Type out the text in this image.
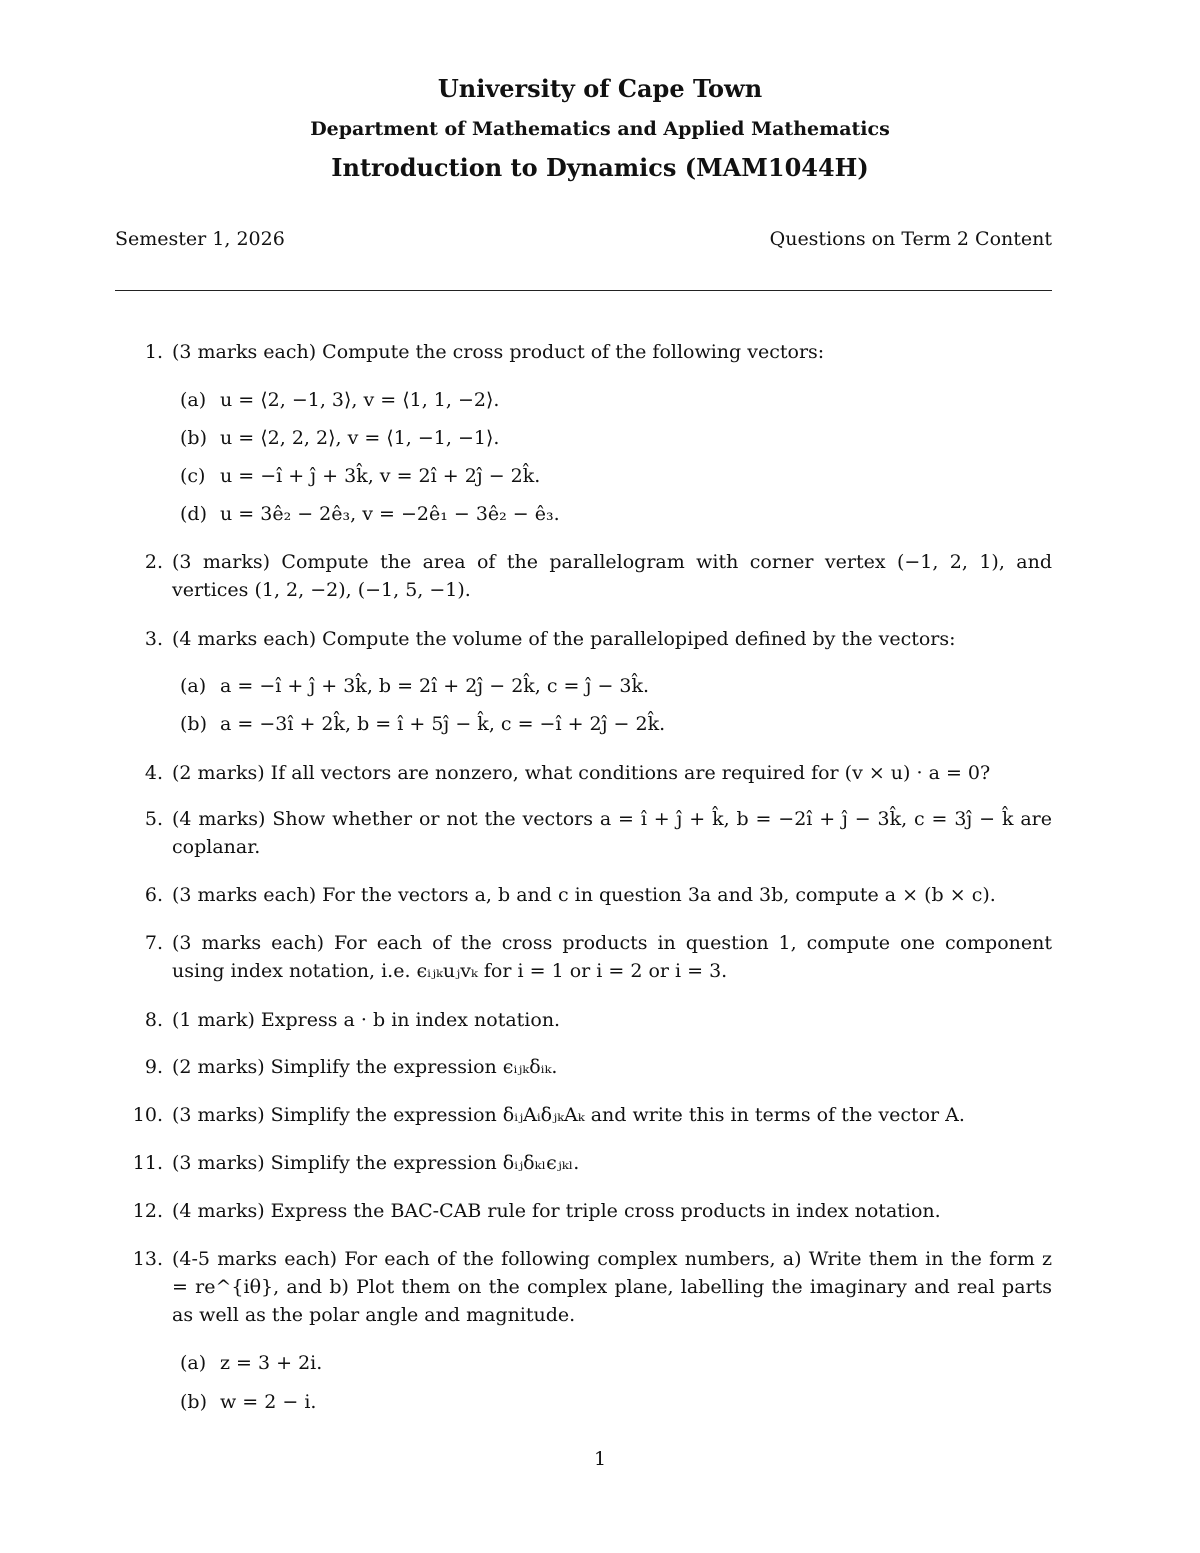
University of Cape Town
Department of Mathematics and Applied Mathematics
Introduction to Dynamics (MAM1044H)
Semester 1, 2026	Questions on Term 2 Content
1. (3 marks each) Compute the cross product of the following vectors:
(a) u = ⟨2, −1, 3⟩, v = ⟨1, 1, −2⟩.
(b) u = ⟨2, 2, 2⟩, v = ⟨1, −1, −1⟩.
(c) u = −î + ĵ + 3k̂, v = 2î + 2ĵ − 2k̂.
(d) u = 3ê₂ − 2ê₃, v = −2ê₁ − 3ê₂ − ê₃.
2. (3 marks) Compute the area of the parallelogram with corner vertex (−1, 2, 1), and vertices (1, 2, −2), (−1, 5, −1).
3. (4 marks each) Compute the volume of the parallelopiped defined by the vectors:
(a) a = −î + ĵ + 3k̂, b = 2î + 2ĵ − 2k̂, c = ĵ − 3k̂.
(b) a = −3î + 2k̂, b = î + 5ĵ − k̂, c = −î + 2ĵ − 2k̂.
4. (2 marks) If all vectors are nonzero, what conditions are required for (v × u) · a = 0?
5. (4 marks) Show whether or not the vectors a = î + ĵ + k̂, b = −2î + ĵ − 3k̂, c = 3ĵ − k̂ are coplanar.
6. (3 marks each) For the vectors a, b and c in question 3a and 3b, compute a × (b × c).
7. (3 marks each) For each of the cross products in question 1, compute one component using index notation, i.e. ϵᵢⱼₖuⱼvₖ for i = 1 or i = 2 or i = 3.
8. (1 mark) Express a · b in index notation.
9. (2 marks) Simplify the expression ϵᵢⱼₖδᵢₖ.
10. (3 marks) Simplify the expression δᵢⱼAᵢδⱼₖAₖ and write this in terms of the vector A.
11. (3 marks) Simplify the expression δᵢⱼδₖₗϵⱼₖₗ.
12. (4 marks) Express the BAC-CAB rule for triple cross products in index notation.
13. (4-5 marks each) For each of the following complex numbers, a) Write them in the form z = re^{iθ}, and b) Plot them on the complex plane, labelling the imaginary and real parts as well as the polar angle and magnitude.
(a) z = 3 + 2i.
(b) w = 2 − i.
1
